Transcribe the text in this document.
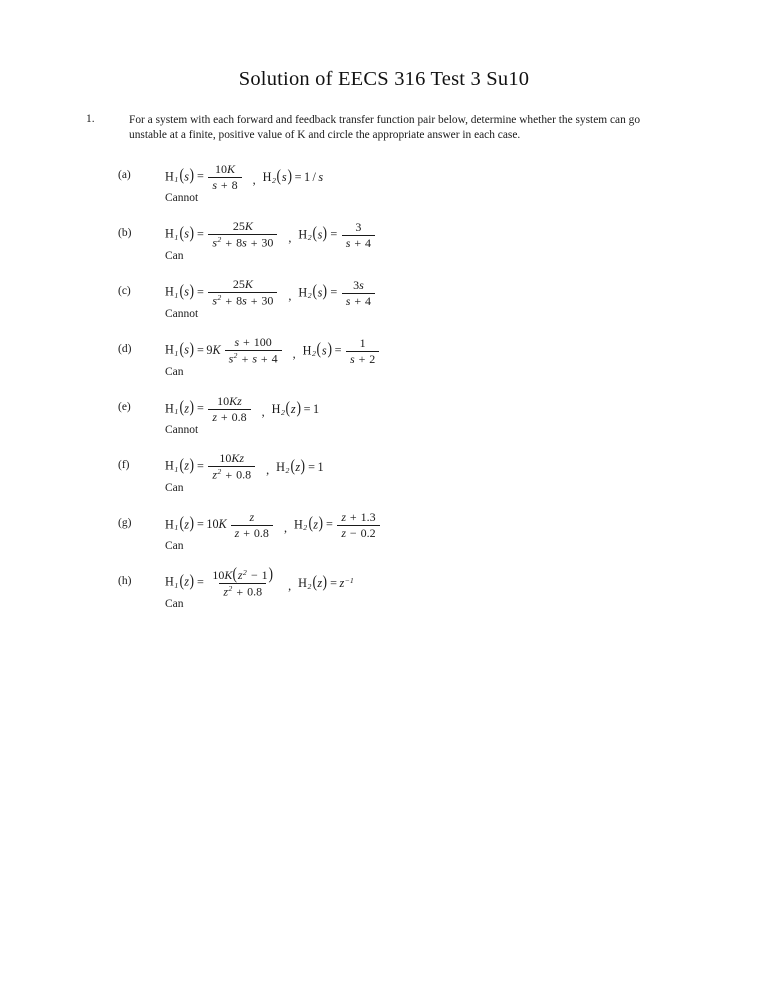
Solution of EECS 316 Test 3 Su10
1.	For a system with each forward and feedback transfer function pair below, determine whether the system can go unstable at a finite, positive value of K and circle the appropriate answer in each case.
(a)	$H_1$ ( s ) = $\frac{10K}{s + 8}$ , $H_2$ ( s ) = 1 / s
Cannot
(b)	$H_1$ ( s ) = $\frac{25K}{s^2 + 8s + 30}$ , $H_2$ ( s ) = $\frac{3}{s + 4}$
Can
(c)	$H_1$ ( s ) = $\frac{25K}{s^2 + 8s + 30}$ , $H_2$ ( s ) = $\frac{3s}{s + 4}$
Cannot
(d)	$H_1$ ( s ) = $9K \frac{s + 100}{s^2 + s + 4}$ , $H_2$ ( s ) = $\frac{1}{s + 2}$
Can
(e)	$H_1$ ( z ) = $\frac{10Kz}{z + 0.8}$ , $H_2$ ( z ) = 1
Cannot
(f)	$H_1$ ( z ) = $\frac{10Kz}{z^2 + 0.8}$ , $H_2$ ( z ) = 1
Can
(g)	$H_1$ ( z ) = $10K \frac{z}{z + 0.8}$ , $H_2$ ( z ) = $\frac{z + 1.3}{z - 0.2}$
Can
(h)	$H_1$ ( z ) = $\frac{10K ( z^2 - 1 )}{z^2 + 0.8}$ , $H_2$ ( z ) = $z^{-1}$
Can
